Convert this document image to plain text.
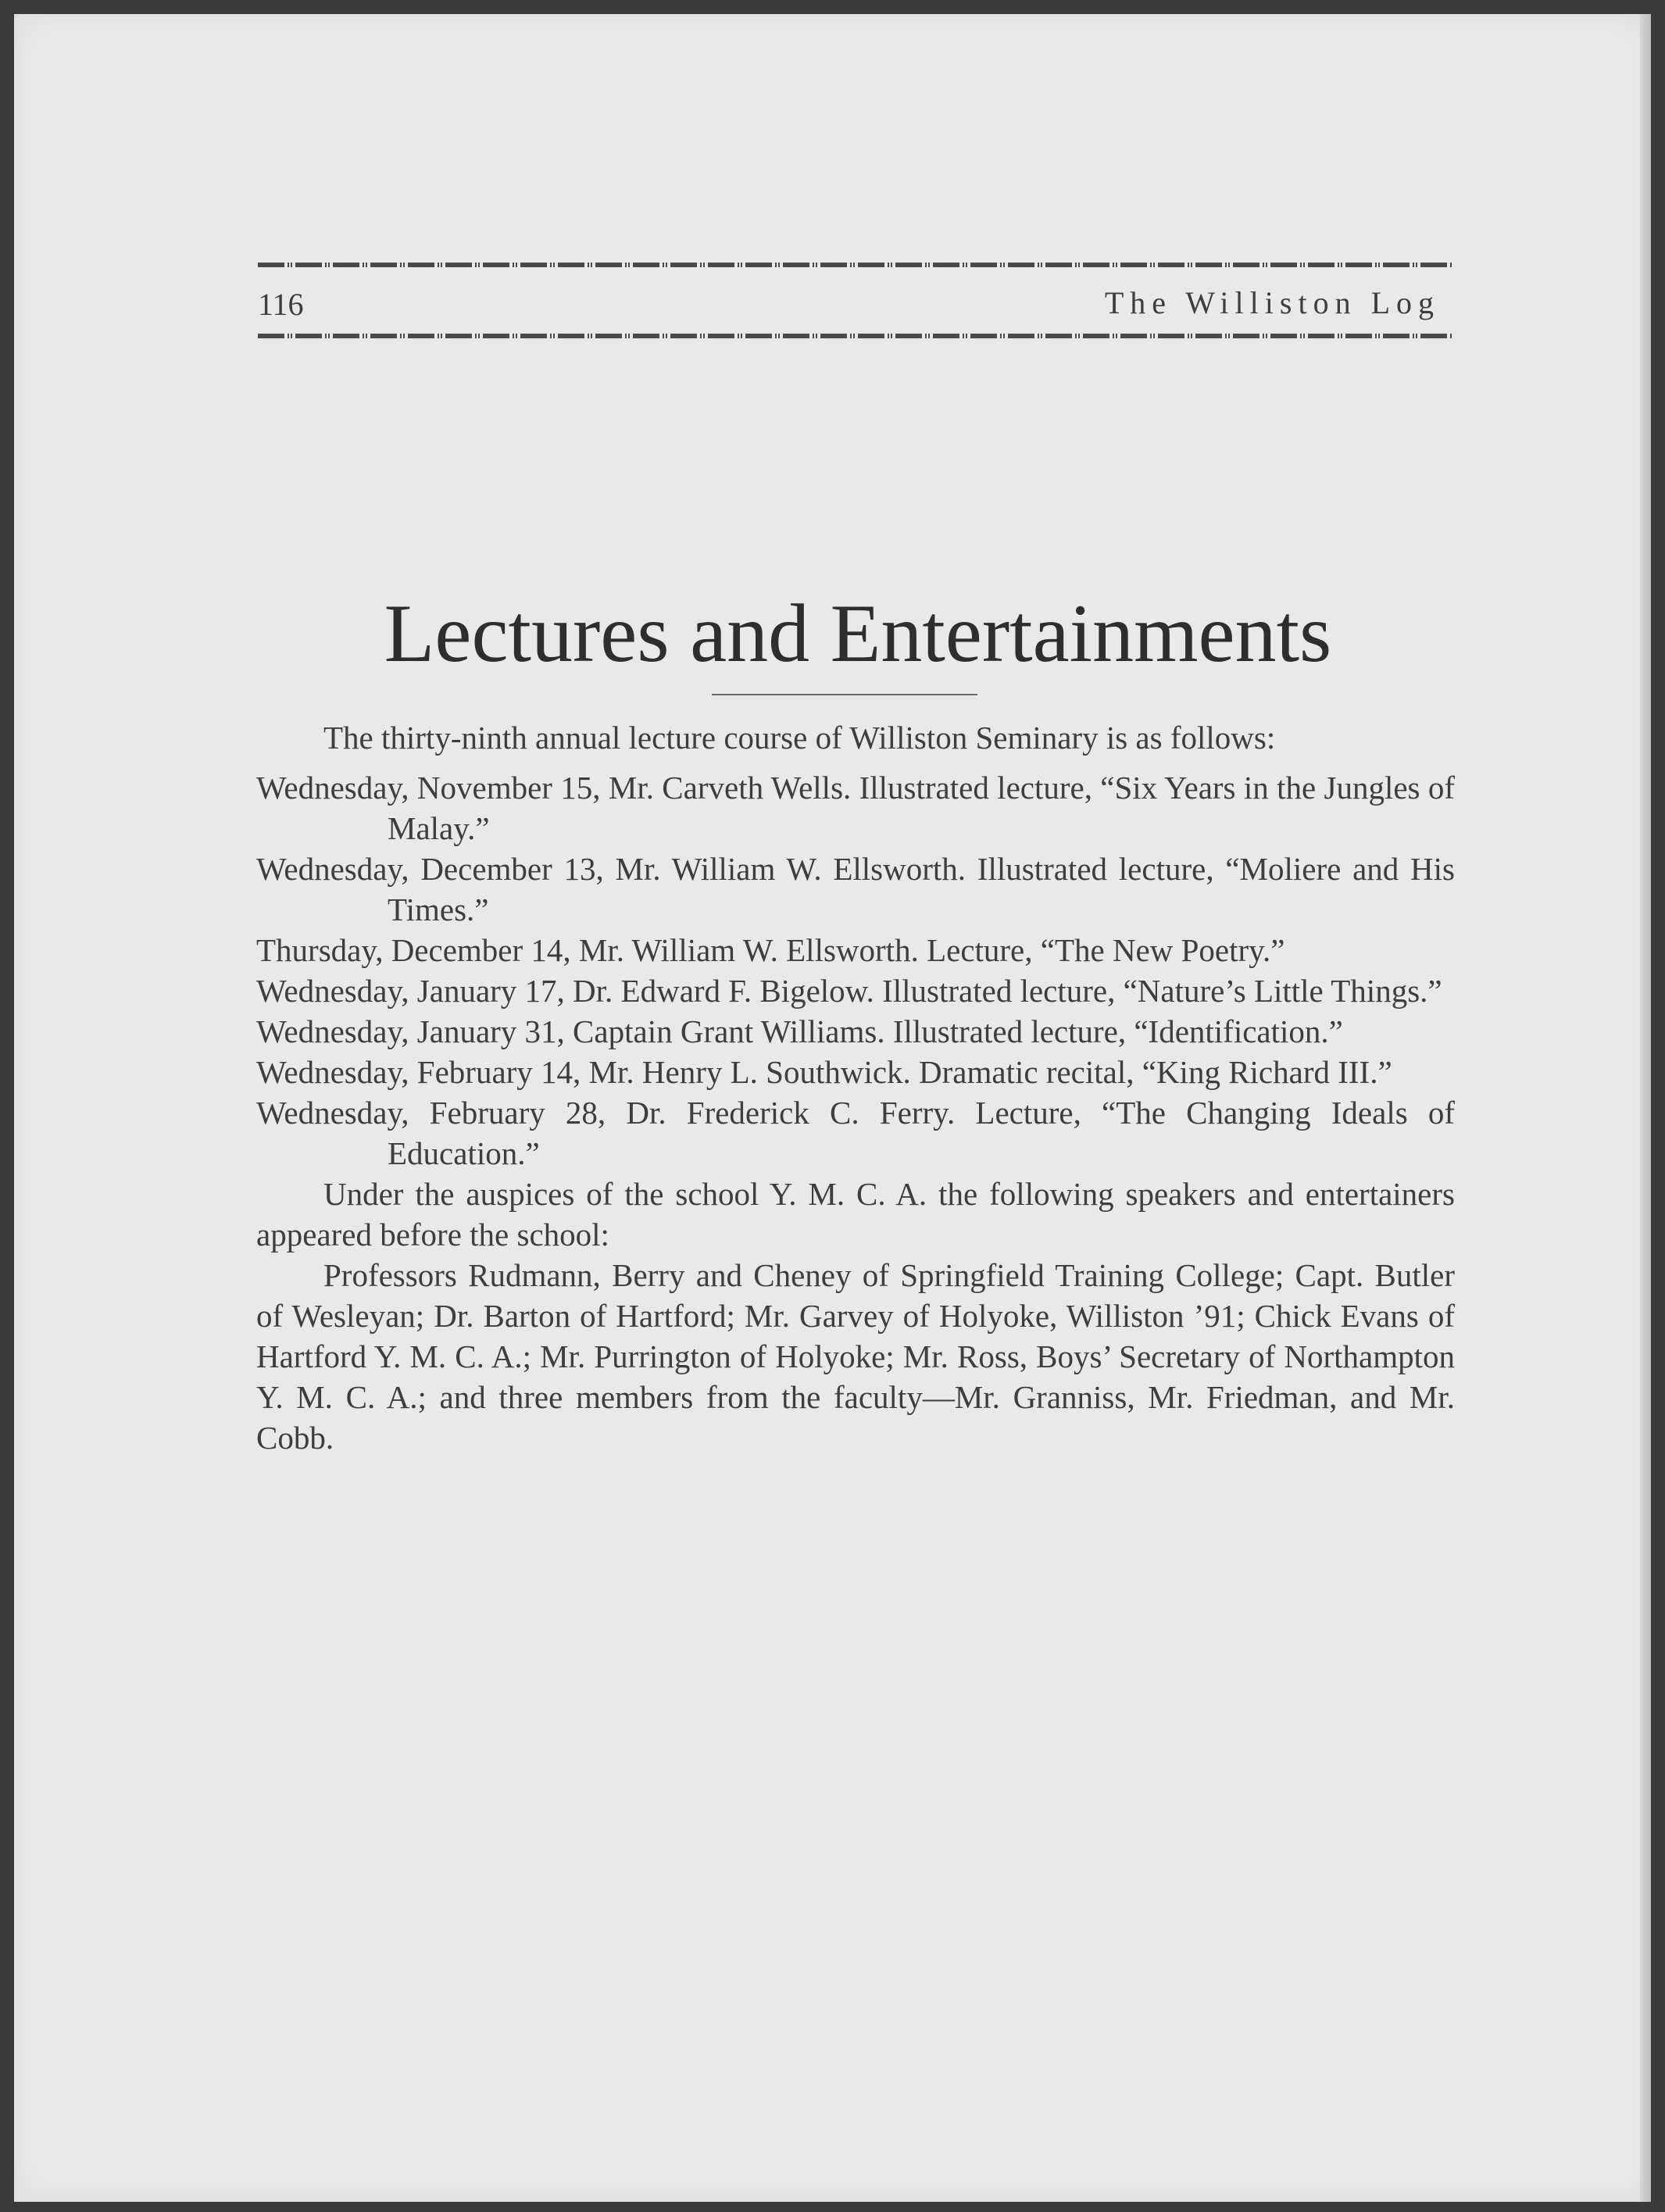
116	The Williston Log
Lectures and Entertainments

The thirty-ninth annual lecture course of Williston Seminary is as follows:

Wednesday, November 15, Mr. Carveth Wells. Illustrated lecture, “Six Years in the Jungles of Malay.”

Wednesday, December 13, Mr. William W. Ellsworth. Illustrated lecture, “Moliere and His Times.”

Thursday, December 14, Mr. William W. Ellsworth. Lecture, “The New Poetry.”

Wednesday, January 17, Dr. Edward F. Bigelow. Illustrated lecture, “Nature’s Little Things.”

Wednesday, January 31, Captain Grant Williams. Illustrated lecture, “Identification.”

Wednesday, February 14, Mr. Henry L. Southwick. Dramatic recital, “King Richard III.”

Wednesday, February 28, Dr. Frederick C. Ferry. Lecture, “The Changing Ideals of Education.”

Under the auspices of the school Y. M. C. A. the following speakers and entertainers appeared before the school:

Professors Rudmann, Berry and Cheney of Springfield Training College; Capt. Butler of Wesleyan; Dr. Barton of Hartford; Mr. Garvey of Holyoke, Williston ’91; Chick Evans of Hartford Y. M. C. A.; Mr. Purrington of Holyoke; Mr. Ross, Boys’ Secretary of Northampton Y. M. C. A.; and three members from the faculty—Mr. Granniss, Mr. Friedman, and Mr. Cobb.
